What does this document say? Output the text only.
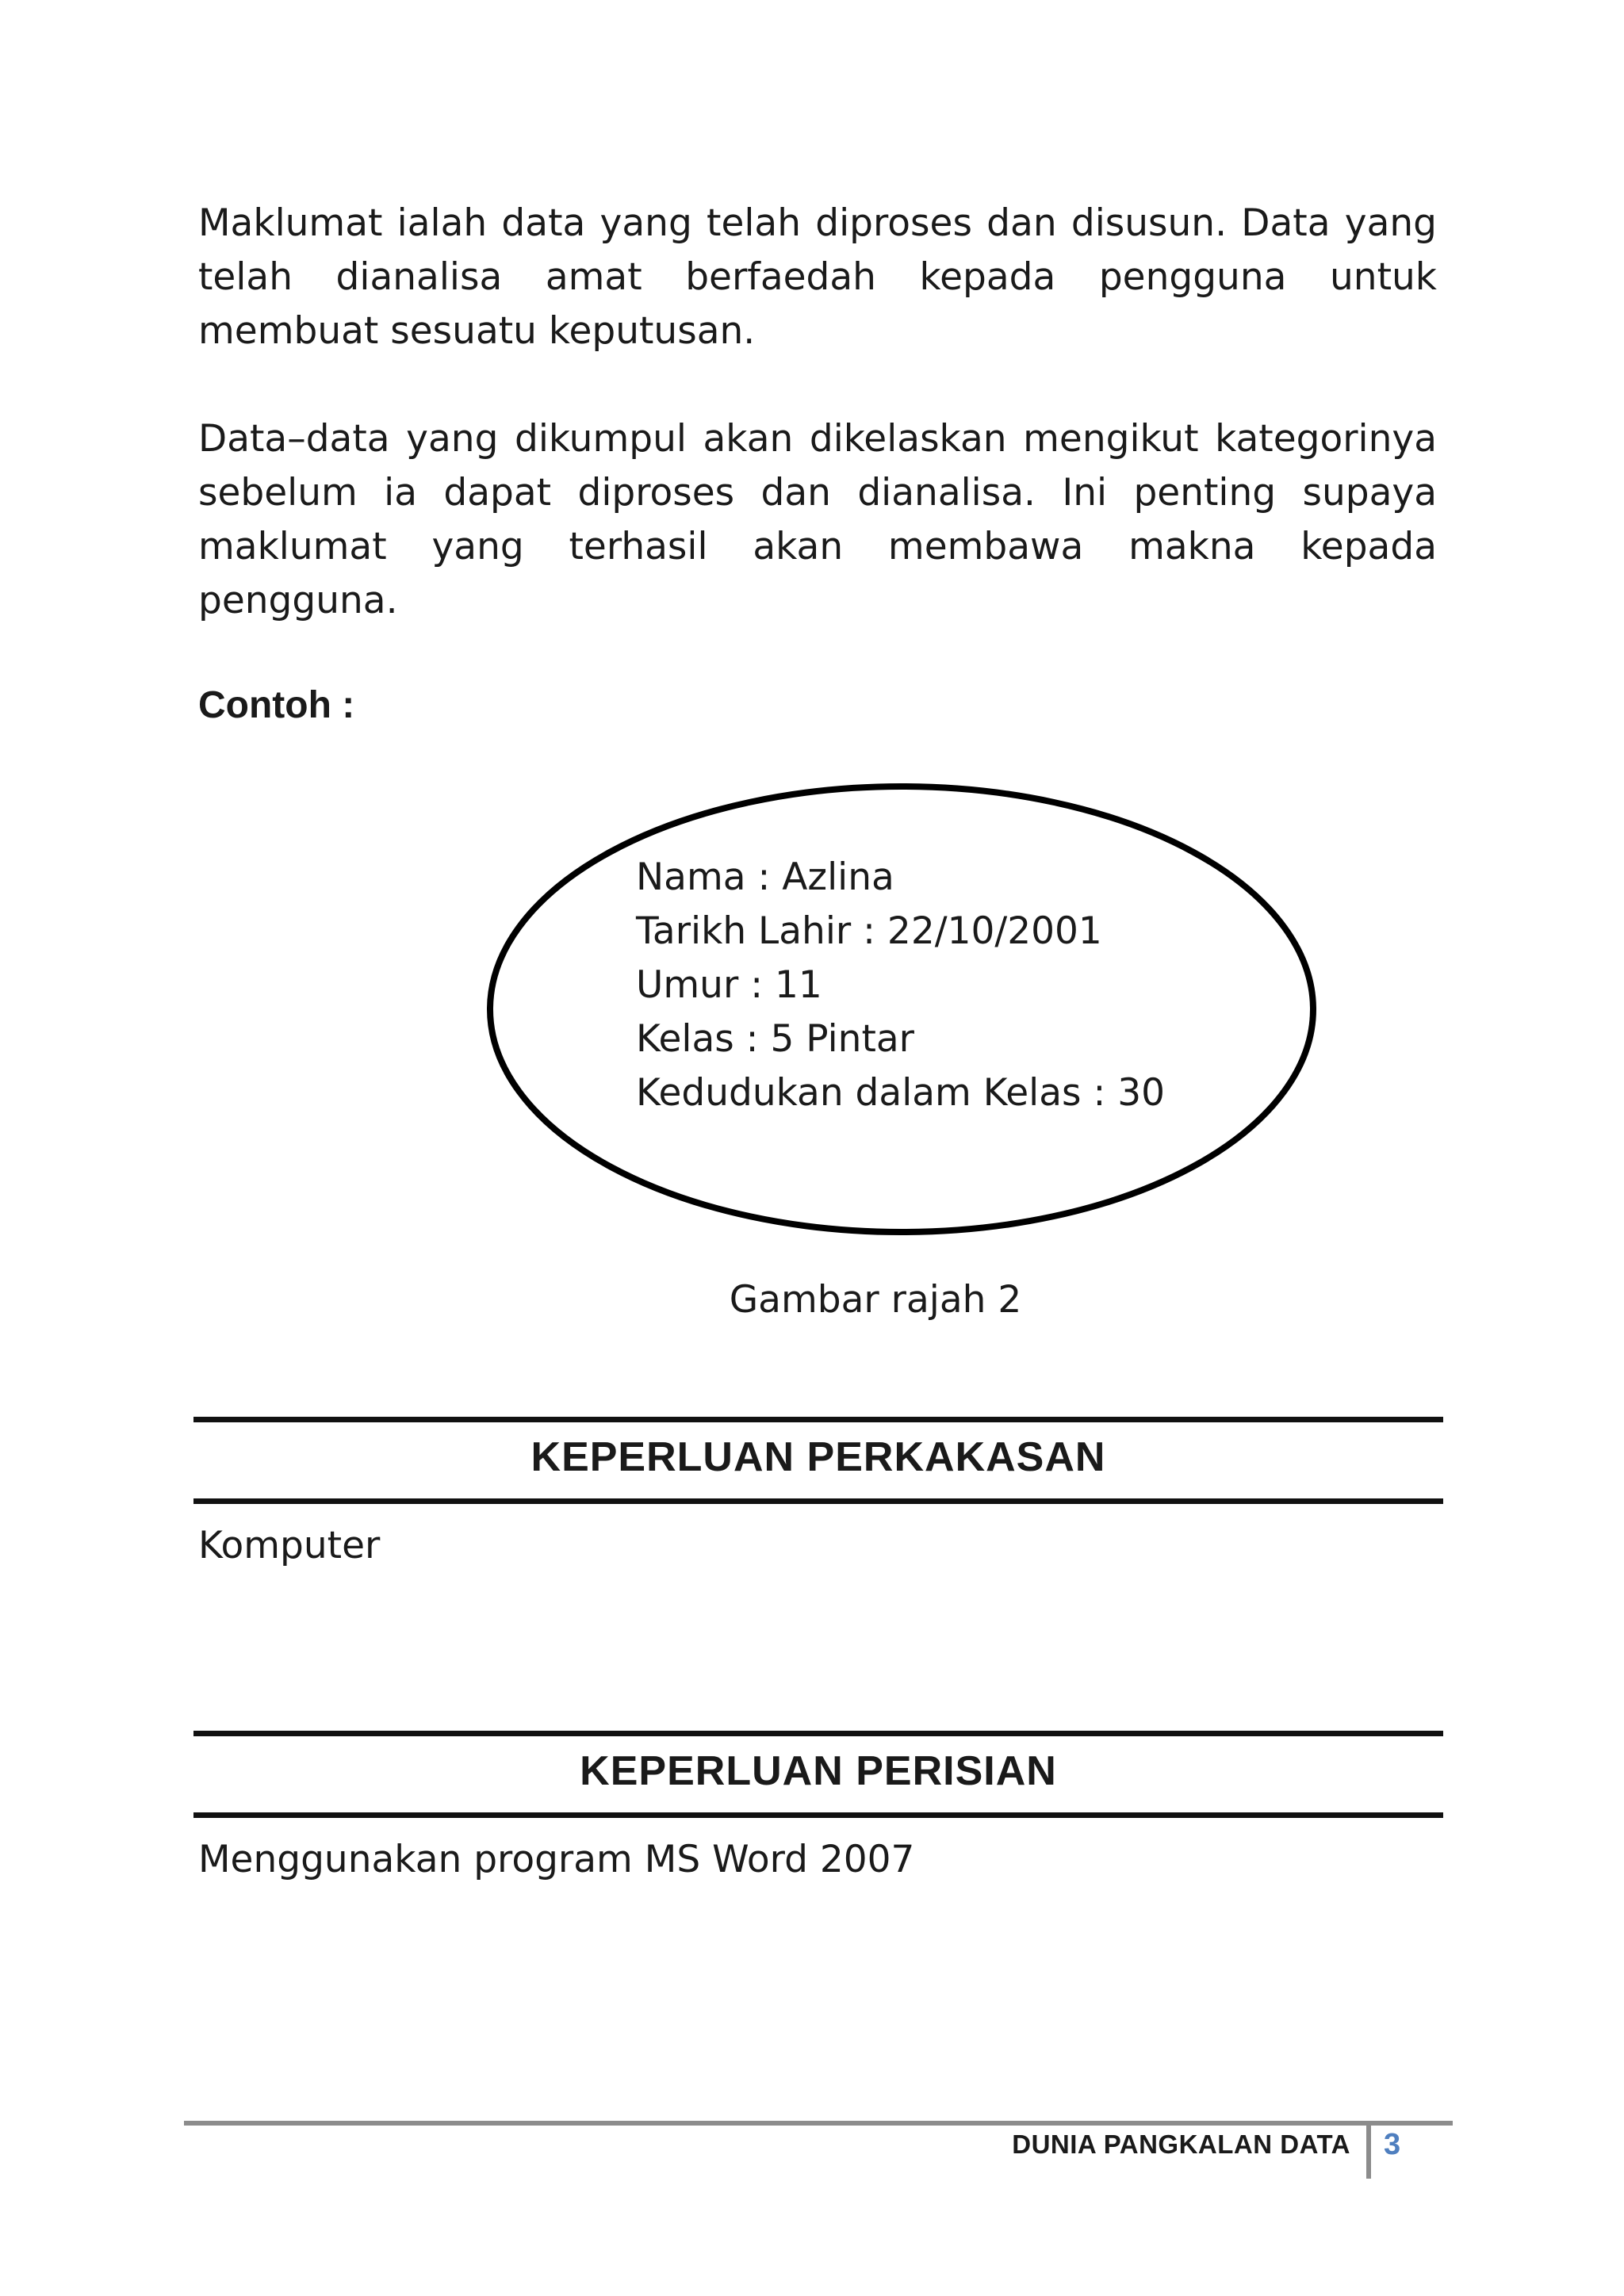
Maklumat ialah data yang telah diproses dan disusun. Data yang telah dianalisa amat berfaedah kepada pengguna untuk membuat sesuatu keputusan.

Data–data yang dikumpul akan dikelaskan mengikut kategorinya sebelum ia dapat diproses dan dianalisa. Ini penting supaya maklumat yang terhasil akan membawa makna kepada pengguna.

Contoh :

Nama : Azlina
Tarikh Lahir : 22/10/2001
Umur : 11
Kelas : 5 Pintar
Kedudukan dalam Kelas : 30

Gambar rajah 2

KEPERLUAN PERKAKASAN

Komputer

KEPERLUAN PERISIAN

Menggunakan program MS Word 2007

DUNIA PANGKALAN DATA 3
